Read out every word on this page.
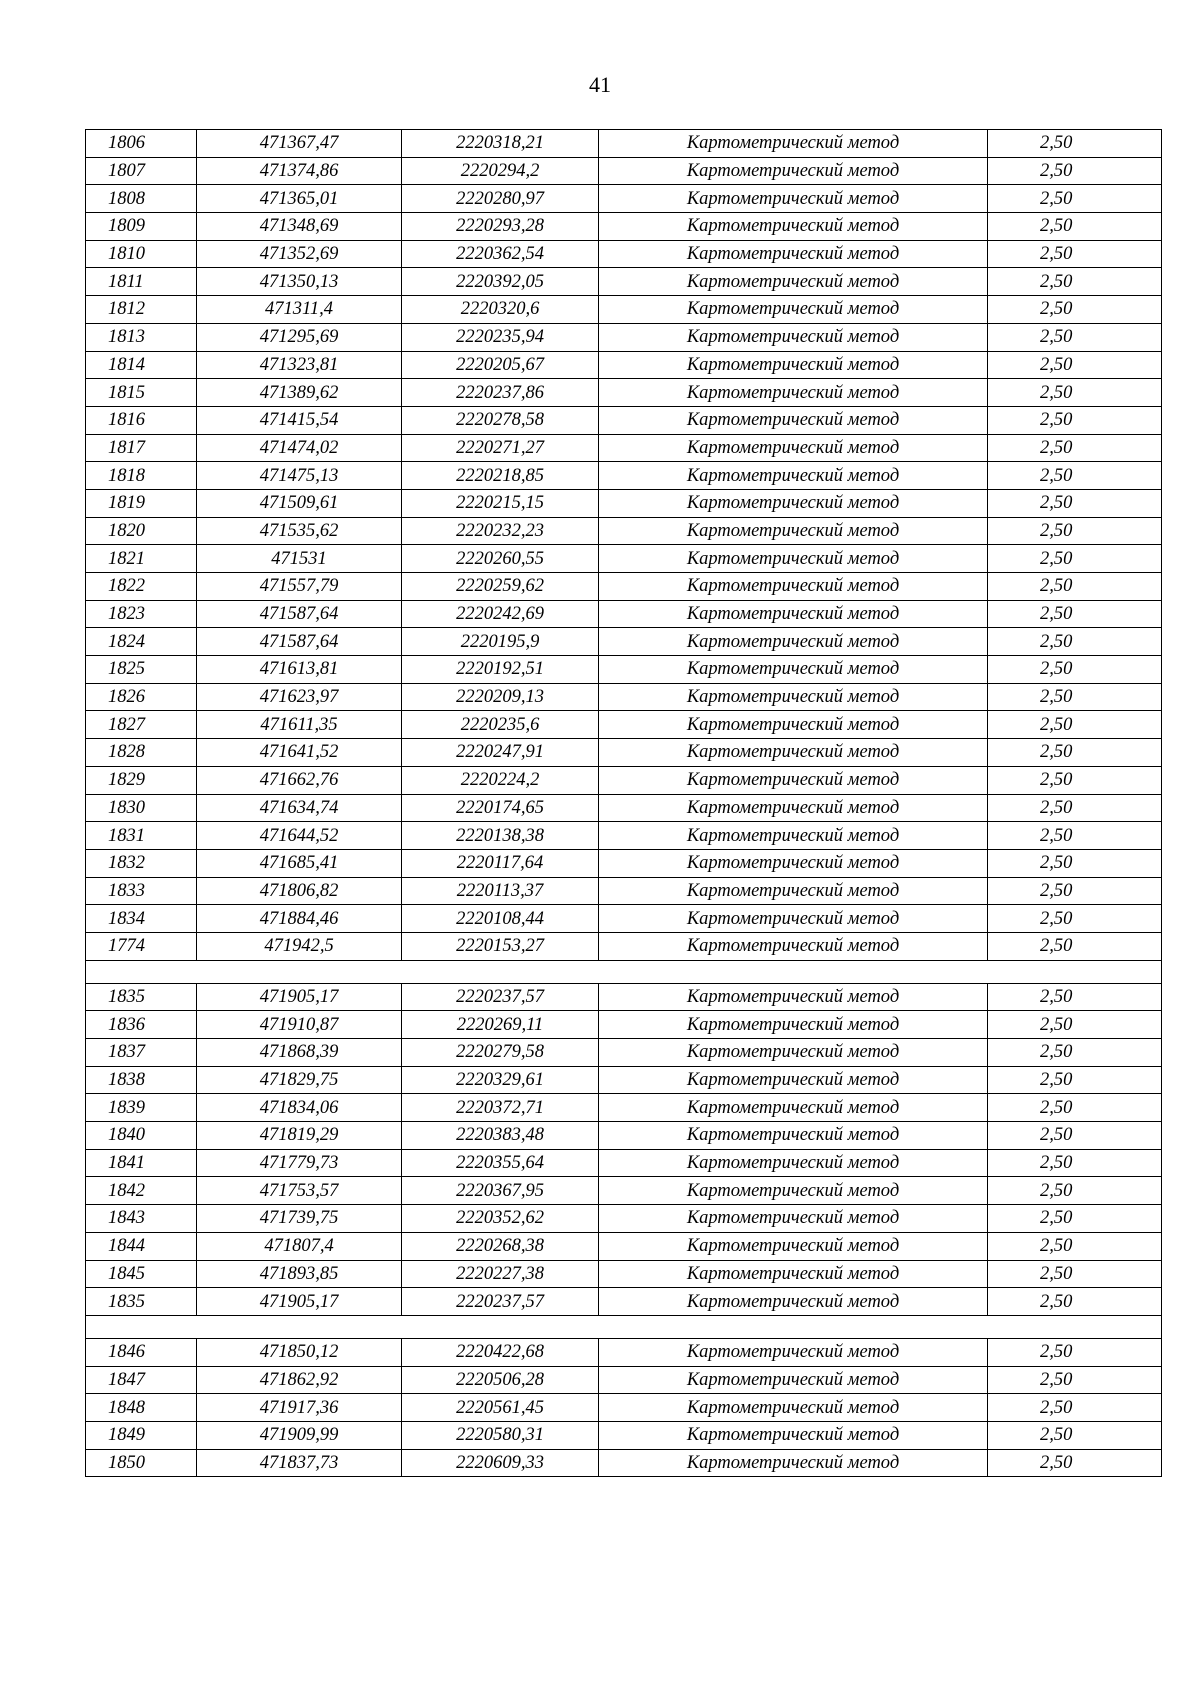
41
1806	471367,47	2220318,21	Картометрический метод	2,50
1807	471374,86	2220294,2	Картометрический метод	2,50
1808	471365,01	2220280,97	Картометрический метод	2,50
1809	471348,69	2220293,28	Картометрический метод	2,50
1810	471352,69	2220362,54	Картометрический метод	2,50
1811	471350,13	2220392,05	Картометрический метод	2,50
1812	471311,4	2220320,6	Картометрический метод	2,50
1813	471295,69	2220235,94	Картометрический метод	2,50
1814	471323,81	2220205,67	Картометрический метод	2,50
1815	471389,62	2220237,86	Картометрический метод	2,50
1816	471415,54	2220278,58	Картометрический метод	2,50
1817	471474,02	2220271,27	Картометрический метод	2,50
1818	471475,13	2220218,85	Картометрический метод	2,50
1819	471509,61	2220215,15	Картометрический метод	2,50
1820	471535,62	2220232,23	Картометрический метод	2,50
1821	471531	2220260,55	Картометрический метод	2,50
1822	471557,79	2220259,62	Картометрический метод	2,50
1823	471587,64	2220242,69	Картометрический метод	2,50
1824	471587,64	2220195,9	Картометрический метод	2,50
1825	471613,81	2220192,51	Картометрический метод	2,50
1826	471623,97	2220209,13	Картометрический метод	2,50
1827	471611,35	2220235,6	Картометрический метод	2,50
1828	471641,52	2220247,91	Картометрический метод	2,50
1829	471662,76	2220224,2	Картометрический метод	2,50
1830	471634,74	2220174,65	Картометрический метод	2,50
1831	471644,52	2220138,38	Картометрический метод	2,50
1832	471685,41	2220117,64	Картометрический метод	2,50
1833	471806,82	2220113,37	Картометрический метод	2,50
1834	471884,46	2220108,44	Картометрический метод	2,50
1774	471942,5	2220153,27	Картометрический метод	2,50

1835	471905,17	2220237,57	Картометрический метод	2,50
1836	471910,87	2220269,11	Картометрический метод	2,50
1837	471868,39	2220279,58	Картометрический метод	2,50
1838	471829,75	2220329,61	Картометрический метод	2,50
1839	471834,06	2220372,71	Картометрический метод	2,50
1840	471819,29	2220383,48	Картометрический метод	2,50
1841	471779,73	2220355,64	Картометрический метод	2,50
1842	471753,57	2220367,95	Картометрический метод	2,50
1843	471739,75	2220352,62	Картометрический метод	2,50
1844	471807,4	2220268,38	Картометрический метод	2,50
1845	471893,85	2220227,38	Картометрический метод	2,50
1835	471905,17	2220237,57	Картометрический метод	2,50

1846	471850,12	2220422,68	Картометрический метод	2,50
1847	471862,92	2220506,28	Картометрический метод	2,50
1848	471917,36	2220561,45	Картометрический метод	2,50
1849	471909,99	2220580,31	Картометрический метод	2,50
1850	471837,73	2220609,33	Картометрический метод	2,50
